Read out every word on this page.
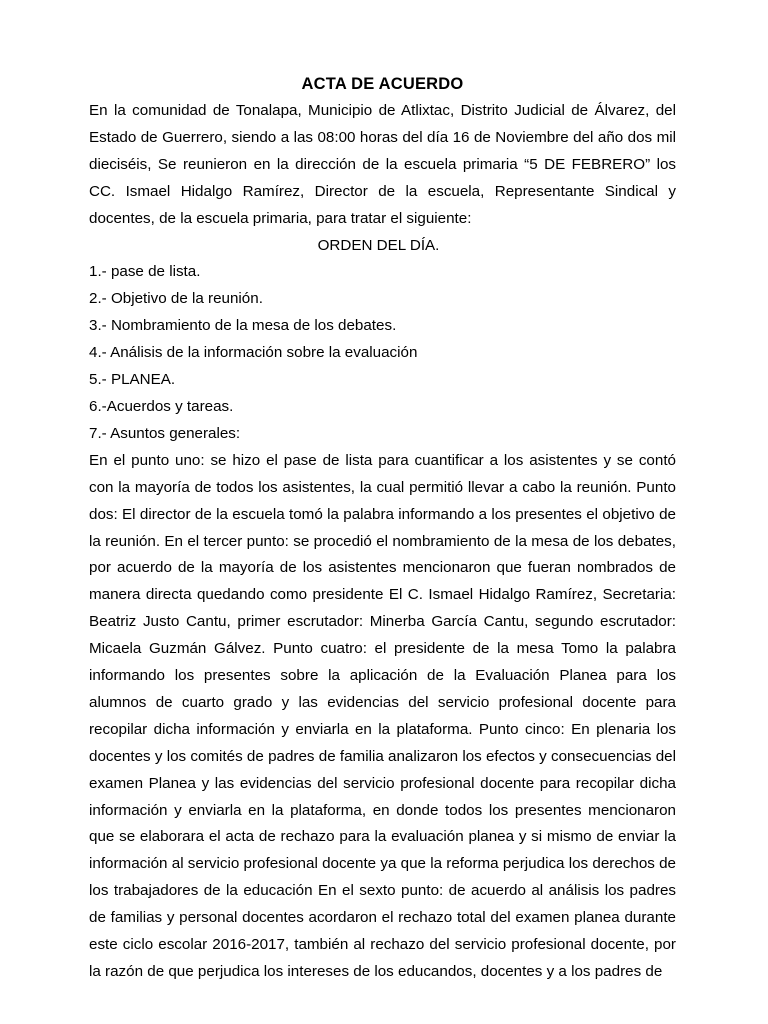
ACTA DE ACUERDO

En la comunidad de Tonalapa, Municipio de Atlixtac, Distrito Judicial de Álvarez, del Estado de Guerrero, siendo a las 08:00 horas del día 16 de Noviembre del año dos mil dieciséis, Se reunieron en la dirección de la escuela primaria “5 DE FEBRERO” los CC. Ismael Hidalgo Ramírez, Director de la escuela, Representante Sindical y docentes, de la escuela primaria, para tratar el siguiente:

ORDEN DEL DÍA.

1.- pase de lista.
2.- Objetivo de la reunión.
3.- Nombramiento de la mesa de los debates.
4.- Análisis de la información sobre la evaluación
5.- PLANEA.
6.-Acuerdos y tareas.
7.- Asuntos generales:

En el punto uno: se hizo el pase de lista para cuantificar a los asistentes y se contó con la mayoría de todos los asistentes, la cual permitió llevar a cabo la reunión. Punto dos: El director de la escuela tomó la palabra informando a los presentes el objetivo de la reunión. En el tercer punto: se procedió el nombramiento de la mesa de los debates, por acuerdo de la mayoría de los asistentes mencionaron que fueran nombrados de manera directa quedando como presidente El C. Ismael Hidalgo Ramírez, Secretaria: Beatriz Justo Cantu, primer escrutador: Minerba García Cantu, segundo escrutador: Micaela Guzmán Gálvez. Punto cuatro: el presidente de la mesa Tomo la palabra informando los presentes sobre la aplicación de la Evaluación Planea para los alumnos de cuarto grado y las evidencias del servicio profesional docente para recopilar dicha información y enviarla en la plataforma. Punto cinco: En plenaria los docentes y los comités de padres de familia analizaron los efectos y consecuencias del examen Planea y las evidencias del servicio profesional docente para recopilar dicha información y enviarla en la plataforma, en donde todos los presentes mencionaron que se elaborara el acta de rechazo para la evaluación planea y si mismo de enviar la información al servicio profesional docente ya que la reforma perjudica los derechos de los trabajadores de la educación En el sexto punto: de acuerdo al análisis los padres de familias y personal docentes acordaron el rechazo total del examen planea durante este ciclo escolar 2016-2017, también al rechazo del servicio profesional docente, por la razón de que perjudica los intereses de los educandos, docentes y a los padres de
